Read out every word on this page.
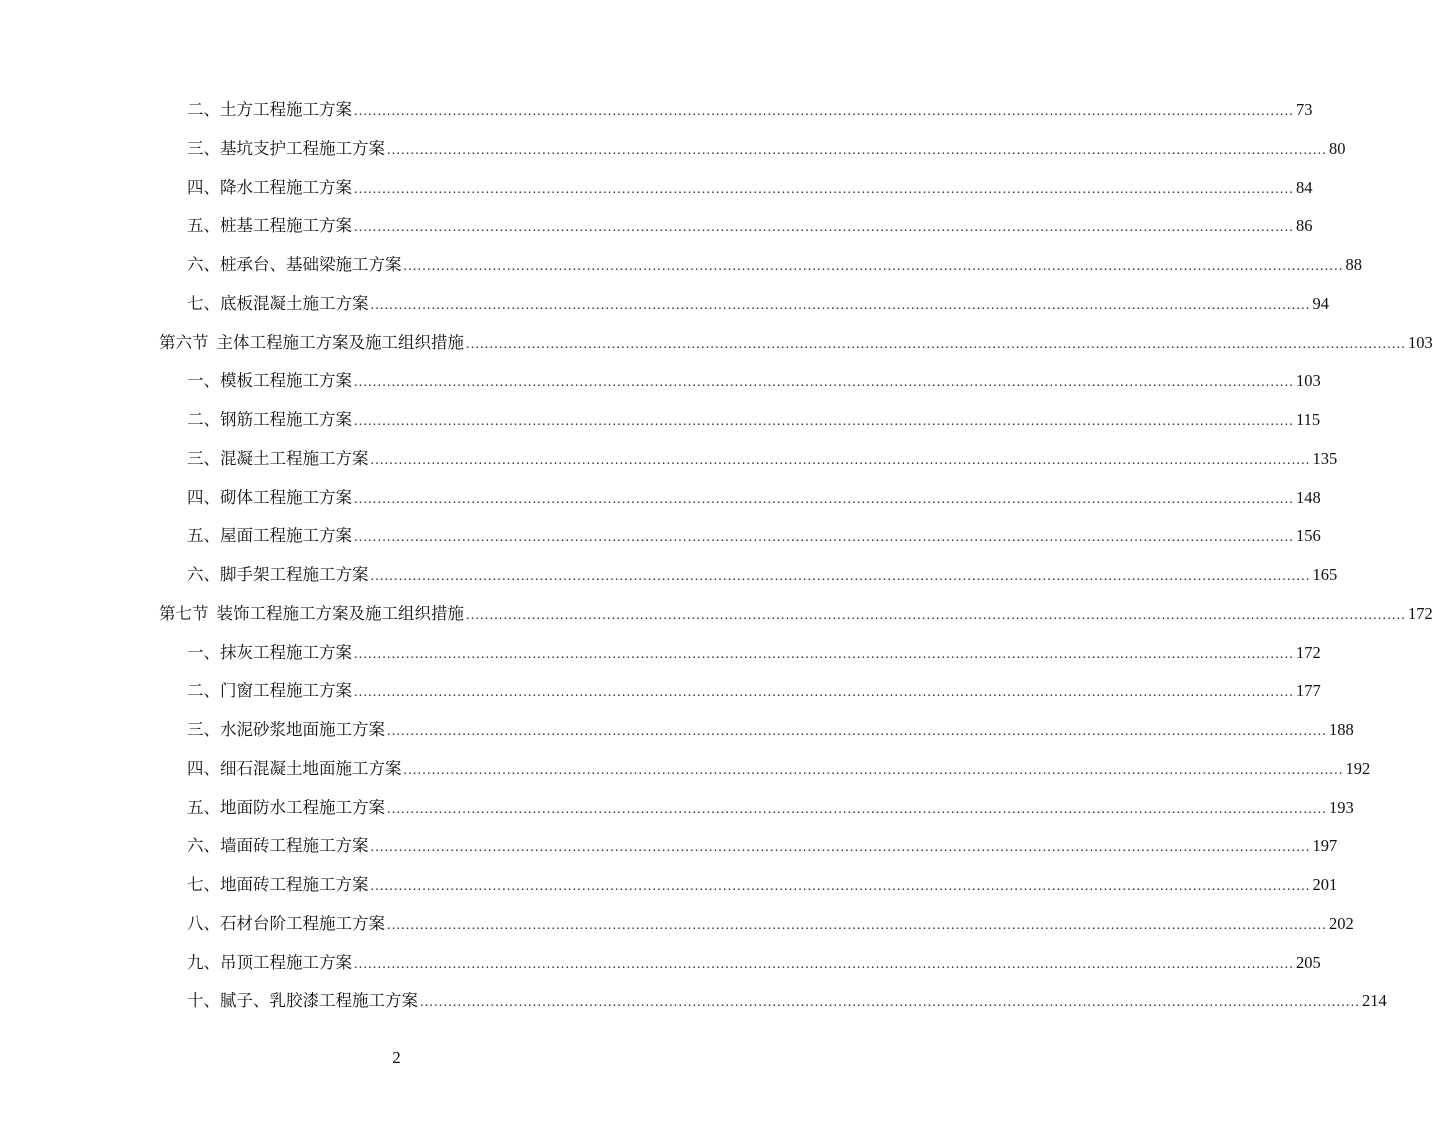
二、土方工程施工方案 ........................................................................................................................................................................................................ 73
三、基坑支护工程施工方案 ........................................................................................................................................................................................................ 80
四、降水工程施工方案 ........................................................................................................................................................................................................ 84
五、桩基工程施工方案 ........................................................................................................................................................................................................ 86
六、桩承台、基础梁施工方案 ........................................................................................................................................................................................................ 88
七、底板混凝土施工方案 ........................................................................................................................................................................................................ 94
第六节 主体工程施工方案及施工组织措施 ........................................................................................................................................................................................................ 103
一、模板工程施工方案 ........................................................................................................................................................................................................ 103
二、钢筋工程施工方案 ........................................................................................................................................................................................................ 115
三、混凝土工程施工方案 ........................................................................................................................................................................................................ 135
四、砌体工程施工方案 ........................................................................................................................................................................................................ 148
五、屋面工程施工方案 ........................................................................................................................................................................................................ 156
六、脚手架工程施工方案 ........................................................................................................................................................................................................ 165
第七节 装饰工程施工方案及施工组织措施 ........................................................................................................................................................................................................ 172
一、抹灰工程施工方案 ........................................................................................................................................................................................................ 172
二、门窗工程施工方案 ........................................................................................................................................................................................................ 177
三、水泥砂浆地面施工方案 ........................................................................................................................................................................................................ 188
四、细石混凝土地面施工方案 ........................................................................................................................................................................................................ 192
五、地面防水工程施工方案 ........................................................................................................................................................................................................ 193
六、墙面砖工程施工方案 ........................................................................................................................................................................................................ 197
七、地面砖工程施工方案 ........................................................................................................................................................................................................ 201
八、石材台阶工程施工方案 ........................................................................................................................................................................................................ 202
九、吊顶工程施工方案 ........................................................................................................................................................................................................ 205
十、腻子、乳胶漆工程施工方案 ........................................................................................................................................................................................................ 214
2
